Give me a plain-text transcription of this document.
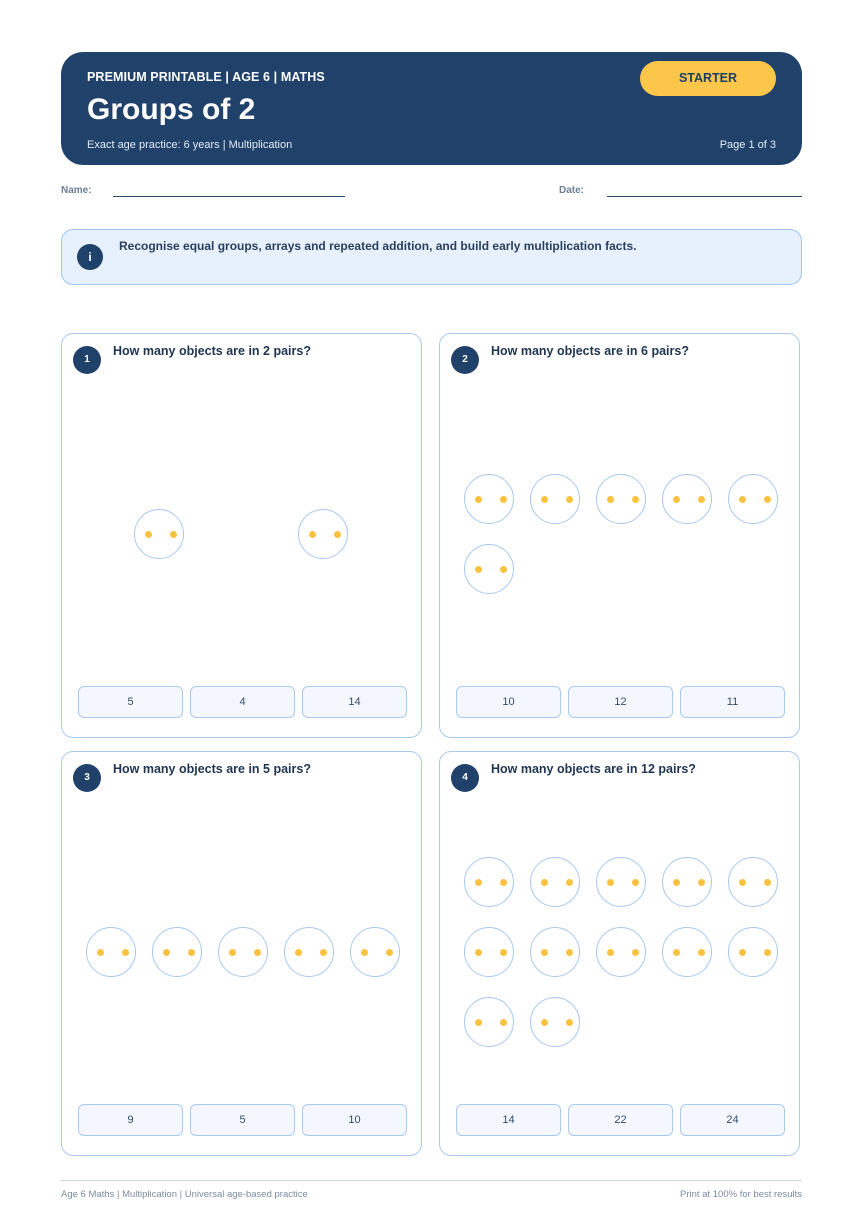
PREMIUM PRINTABLE | AGE 6 | MATHS
Groups of 2
Exact age practice: 6 years | Multiplication	Page 1 of 3
STARTER
Name:	Date:
i
Recognise equal groups, arrays and repeated addition, and build early multiplication facts.
1
How many objects are in 2 pairs?
5	4	14
2
How many objects are in 6 pairs?
10	12	11
3
How many objects are in 5 pairs?
9	5	10
4
How many objects are in 12 pairs?
14	22	24
Age 6 Maths | Multiplication | Universal age-based practice	Print at 100% for best results
